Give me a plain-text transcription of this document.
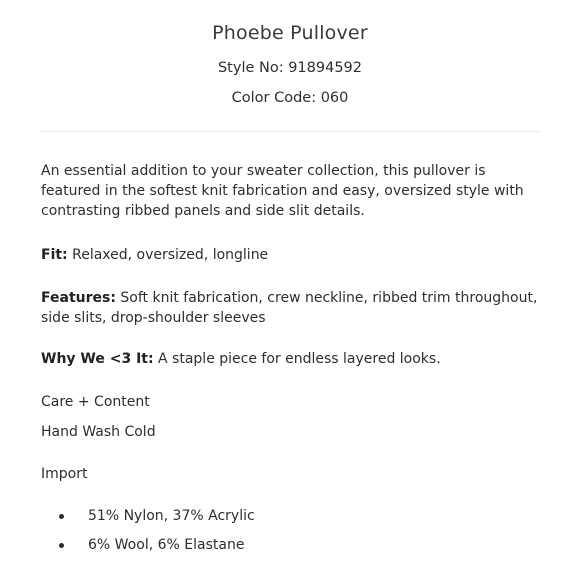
Phoebe Pullover
Style No: 91894592
Color Code: 060

An essential addition to your sweater collection, this pullover is featured in the softest knit fabrication and easy, oversized style with contrasting ribbed panels and side slit details.

Fit: Relaxed, oversized, longline

Features: Soft knit fabrication, crew neckline, ribbed trim throughout, side slits, drop-shoulder sleeves

Why We <3 It: A staple piece for endless layered looks.

Care + Content

Hand Wash Cold

Import

51% Nylon, 37% Acrylic
6% Wool, 6% Elastane
